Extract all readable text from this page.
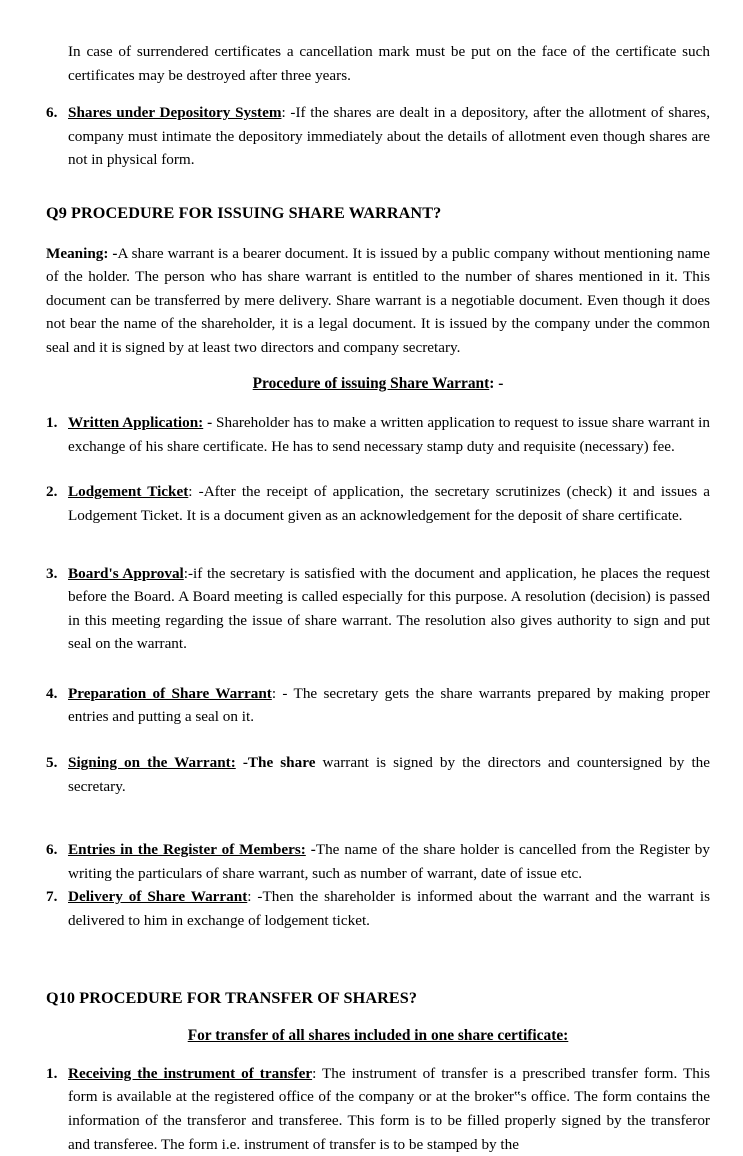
In case of surrendered certificates a cancellation mark must be put on the face of the certificate such certificates may be destroyed after three years.

6. Shares under Depository System: -If the shares are dealt in a depository, after the allotment of shares, company must intimate the depository immediately about the details of allotment even though shares are not in physical form.
Q9 PROCEDURE FOR ISSUING SHARE WARRANT?

Meaning: -A share warrant is a bearer document. It is issued by a public company without mentioning name of the holder. The person who has share warrant is entitled to the number of shares mentioned in it. This document can be transferred by mere delivery. Share warrant is a negotiable document. Even though it does not bear the name of the shareholder, it is a legal document. It is issued by the company under the common seal and it is signed by at least two directors and company secretary.

Procedure of issuing Share Warrant: -

1. Written Application: - Shareholder has to make a written application to request to issue share warrant in exchange of his share certificate. He has to send necessary stamp duty and requisite (necessary) fee.
2. Lodgement Ticket: -After the receipt of application, the secretary scrutinizes (check) it and issues a Lodgement Ticket. It is a document given as an acknowledgement for the deposit of share certificate.
3. Board's Approval:-if the secretary is satisfied with the document and application, he places the request before the Board. A Board meeting is called especially for this purpose. A resolution (decision) is passed in this meeting regarding the issue of share warrant. The resolution also gives authority to sign and put seal on the warrant.
4. Preparation of Share Warrant: - The secretary gets the share warrants prepared by making proper entries and putting a seal on it.
5. Signing on the Warrant: -The share warrant is signed by the directors and countersigned by the secretary.
6. Entries in the Register of Members: -The name of the share holder is cancelled from the Register by writing the particulars of share warrant, such as number of warrant, date of issue etc.
7. Delivery of Share Warrant: -Then the shareholder is informed about the warrant and the warrant is delivered to him in exchange of lodgement ticket.
Q10 PROCEDURE FOR TRANSFER OF SHARES?

For transfer of all shares included in one share certificate:

1. Receiving the instrument of transfer: The instrument of transfer is a prescribed transfer form. This form is available at the registered office of the company or at the broker‟s office. The form contains the information of the transferor and transferee. This form is to be filled properly signed by the transferor and transferee. The form i.e. instrument of transfer is to be stamped by the
